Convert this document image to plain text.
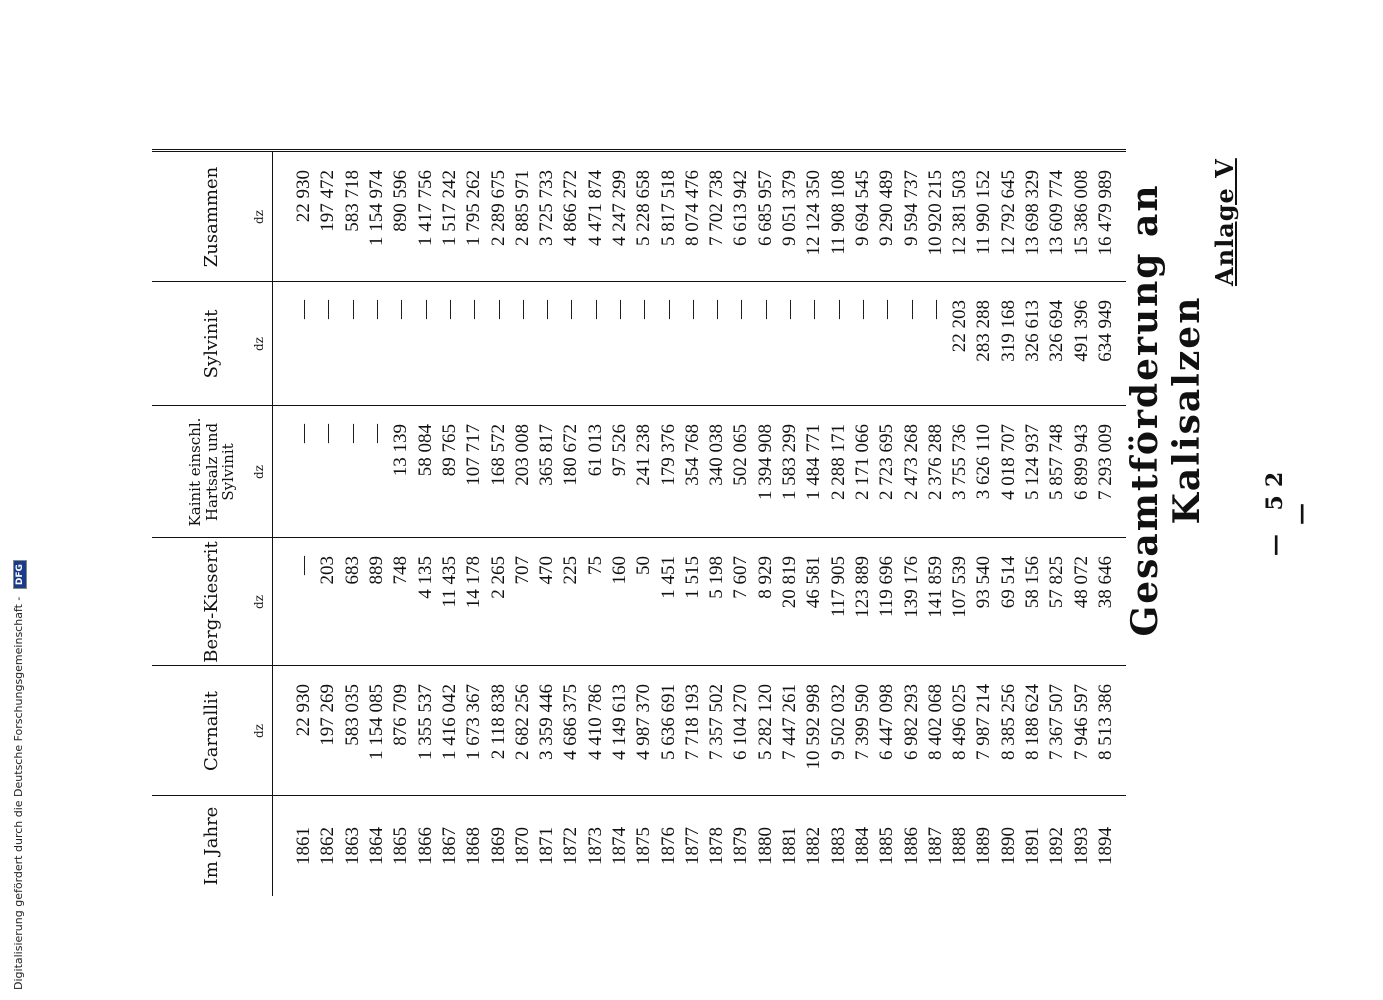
Anlage V
— 52 —
Gesamtförderung an Kalisalzen
Im Jahre
Carnallit dz
Berg-Kieserit dz
Kainit einschl. Hartsalz und Sylvinit dz
Sylvinit dz
Zusammen dz
1861
22 930
—
—
—
22 930
1862
197 269
203
—
—
197 472
1863
583 035
683
—
—
583 718
1864
1 154 085
889
—
—
1 154 974
1865
876 709
748
13 139
—
890 596
1866
1 355 537
4 135
58 084
—
1 417 756
1867
1 416 042
11 435
89 765
—
1 517 242
1868
1 673 367
14 178
107 717
—
1 795 262
1869
2 118 838
2 265
168 572
—
2 289 675
1870
2 682 256
707
203 008
—
2 885 971
1871
3 359 446
470
365 817
—
3 725 733
1872
4 686 375
225
180 672
—
4 866 272
1873
4 410 786
75
61 013
—
4 471 874
1874
4 149 613
160
97 526
—
4 247 299
1875
4 987 370
50
241 238
—
5 228 658
1876
5 636 691
1 451
179 376
—
5 817 518
1877
7 718 193
1 515
354 768
—
8 074 476
1878
7 357 502
5 198
340 038
—
7 702 738
1879
6 104 270
7 607
502 065
—
6 613 942
1880
5 282 120
8 929
1 394 908
—
6 685 957
1881
7 447 261
20 819
1 583 299
—
9 051 379
1882
10 592 998
46 581
1 484 771
—
12 124 350
1883
9 502 032
117 905
2 288 171
—
11 908 108
1884
7 399 590
123 889
2 171 066
—
9 694 545
1885
6 447 098
119 696
2 723 695
—
9 290 489
1886
6 982 293
139 176
2 473 268
—
9 594 737
1887
8 402 068
141 859
2 376 288
—
10 920 215
1888
8 496 025
107 539
3 755 736
22 203
12 381 503
1889
7 987 214
93 540
3 626 110
283 288
11 990 152
1890
8 385 256
69 514
4 018 707
319 168
12 792 645
1891
8 188 624
58 156
5 124 937
326 613
13 698 329
1892
7 367 507
57 825
5 857 748
326 694
13 609 774
1893
7 946 597
48 072
6 899 943
491 396
15 386 008
1894
8 513 386
38 646
7 293 009
634 949
16 479 989
Digitalisierung gefördert durch die Deutsche Forschungsgemeinschaft - DFG
